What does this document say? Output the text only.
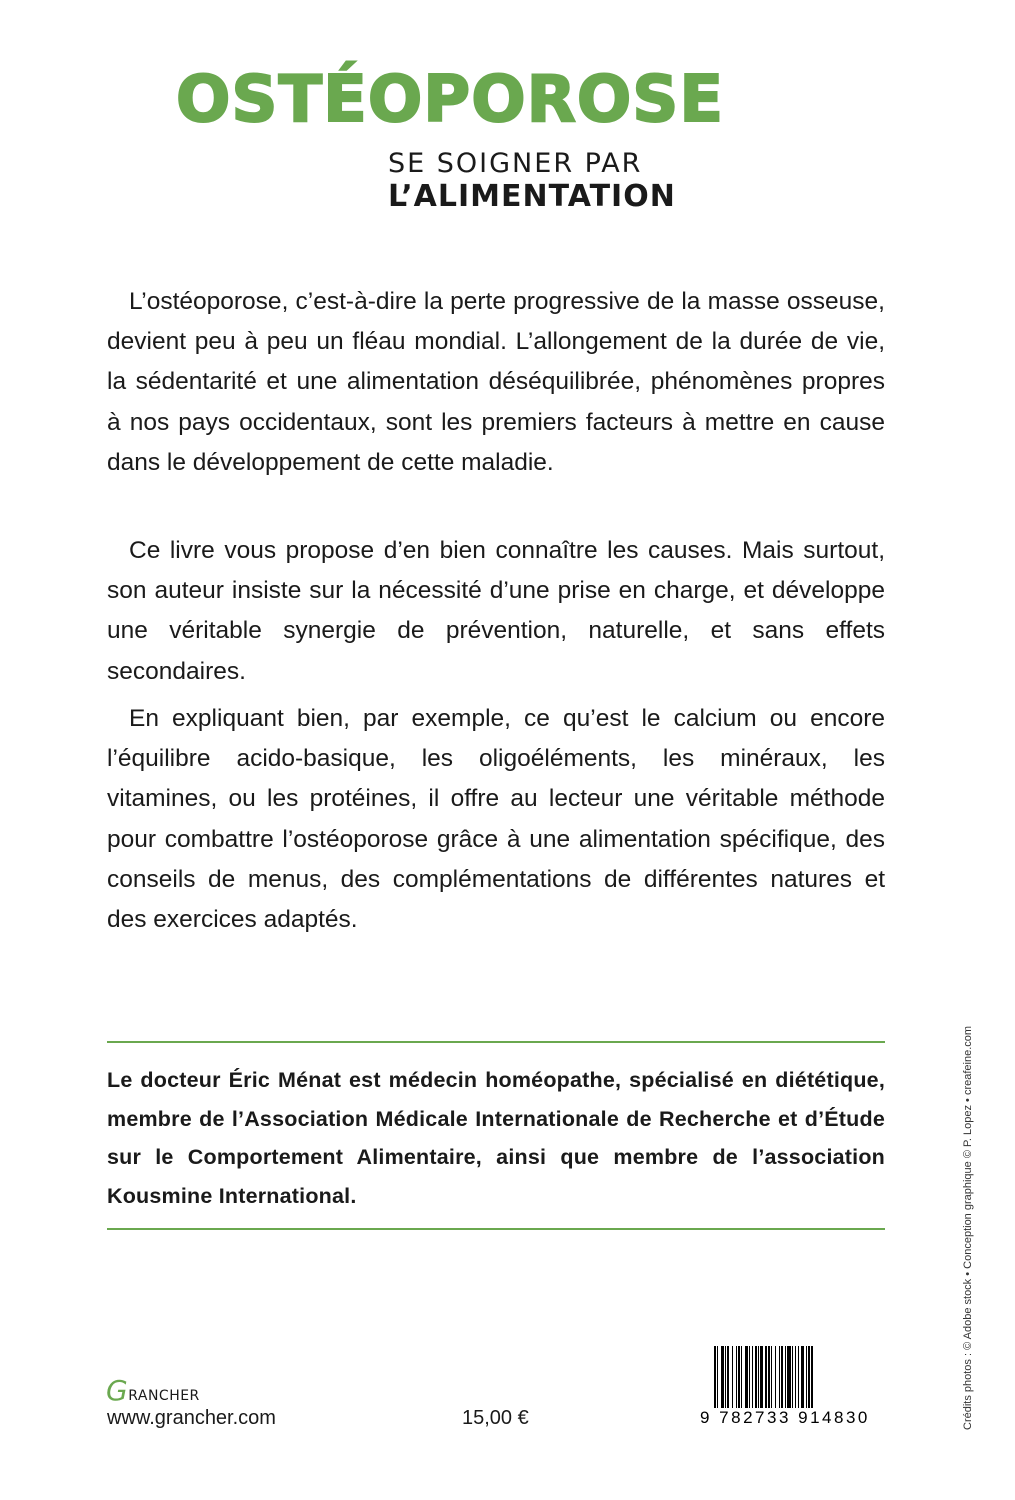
OSTÉOPOROSE
SE SOIGNER PAR
L’ALIMENTATION

L’ostéoporose, c’est-à-dire la perte progressive de la masse osseuse, devient peu à peu un fléau mondial. L’allongement de la durée de vie, la sédentarité et une alimentation déséquilibrée, phénomènes propres à nos pays occidentaux, sont les premiers facteurs à mettre en cause dans le développement de cette maladie.

Ce livre vous propose d’en bien connaître les causes. Mais surtout, son auteur insiste sur la nécessité d’une prise en charge, et développe une véritable synergie de prévention, naturelle, et sans effets secondaires.

En expliquant bien, par exemple, ce qu’est le calcium ou encore l’équilibre acido-basique, les oligoéléments, les minéraux, les vitamines, ou les protéines, il offre au lecteur une véritable méthode pour combattre l’ostéoporose grâce à une alimentation spécifique, des conseils de menus, des complémentations de différentes natures et des exercices adaptés.

Le docteur Éric Ménat est médecin homéopathe, spécialisé en diététique, membre de l’Association Médicale Internationale de Recherche et d’Étude sur le Comportement Alimentaire, ainsi que membre de l’association Kousmine International.

GRANCHER
www.grancher.com	15,00 €	9 782733 914830	Crédits photos : © Adobe stock • Conception graphique © P. Lopez • creafeine.com
